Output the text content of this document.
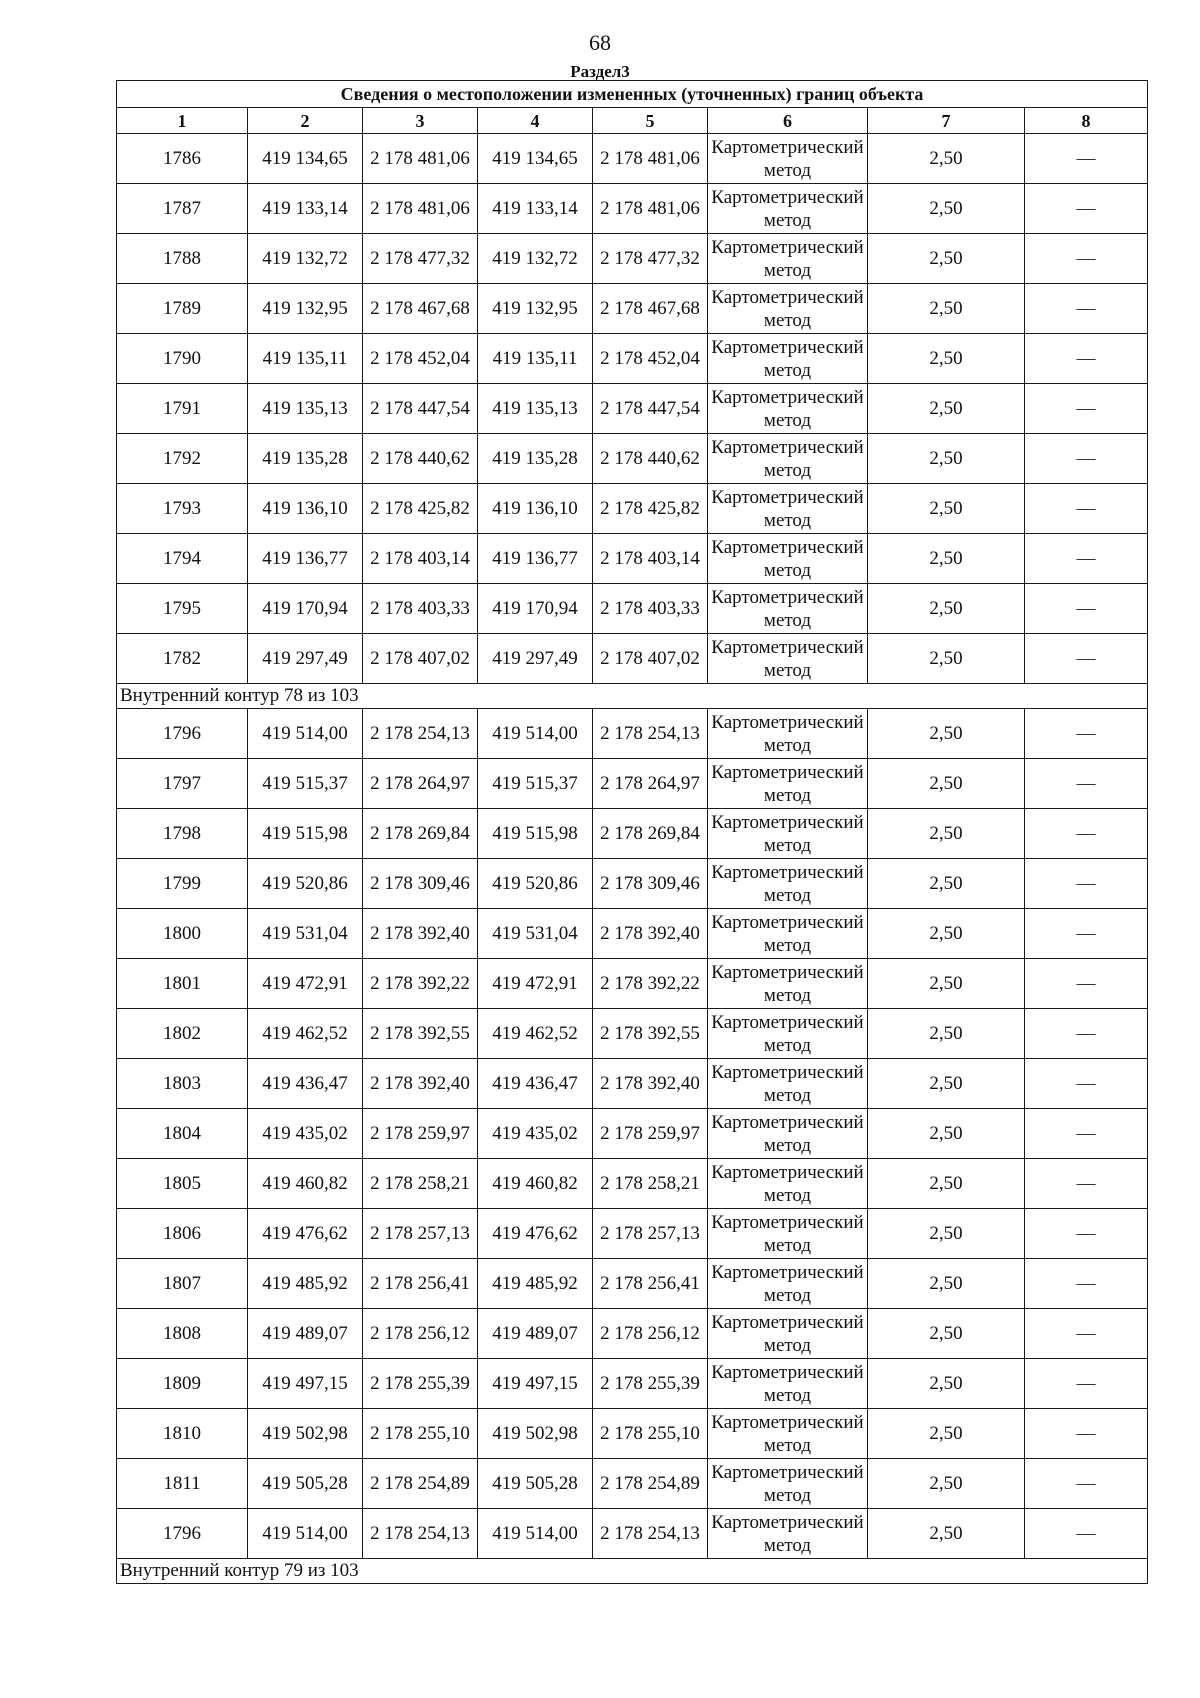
68
Раздел3
Сведения о местоположении измененных (уточненных) границ объекта							
1	2	3	4	5	6	7	8
1786	419 134,65	2 178 481,06	419 134,65	2 178 481,06	Картометрический метод	2,50	—
1787	419 133,14	2 178 481,06	419 133,14	2 178 481,06	Картометрический метод	2,50	—
1788	419 132,72	2 178 477,32	419 132,72	2 178 477,32	Картометрический метод	2,50	—
1789	419 132,95	2 178 467,68	419 132,95	2 178 467,68	Картометрический метод	2,50	—
1790	419 135,11	2 178 452,04	419 135,11	2 178 452,04	Картометрический метод	2,50	—
1791	419 135,13	2 178 447,54	419 135,13	2 178 447,54	Картометрический метод	2,50	—
1792	419 135,28	2 178 440,62	419 135,28	2 178 440,62	Картометрический метод	2,50	—
1793	419 136,10	2 178 425,82	419 136,10	2 178 425,82	Картометрический метод	2,50	—
1794	419 136,77	2 178 403,14	419 136,77	2 178 403,14	Картометрический метод	2,50	—
1795	419 170,94	2 178 403,33	419 170,94	2 178 403,33	Картометрический метод	2,50	—
1782	419 297,49	2 178 407,02	419 297,49	2 178 407,02	Картометрический метод	2,50	—
Внутренний контур 78 из 103							
1796	419 514,00	2 178 254,13	419 514,00	2 178 254,13	Картометрический метод	2,50	—
1797	419 515,37	2 178 264,97	419 515,37	2 178 264,97	Картометрический метод	2,50	—
1798	419 515,98	2 178 269,84	419 515,98	2 178 269,84	Картометрический метод	2,50	—
1799	419 520,86	2 178 309,46	419 520,86	2 178 309,46	Картометрический метод	2,50	—
1800	419 531,04	2 178 392,40	419 531,04	2 178 392,40	Картометрический метод	2,50	—
1801	419 472,91	2 178 392,22	419 472,91	2 178 392,22	Картометрический метод	2,50	—
1802	419 462,52	2 178 392,55	419 462,52	2 178 392,55	Картометрический метод	2,50	—
1803	419 436,47	2 178 392,40	419 436,47	2 178 392,40	Картометрический метод	2,50	—
1804	419 435,02	2 178 259,97	419 435,02	2 178 259,97	Картометрический метод	2,50	—
1805	419 460,82	2 178 258,21	419 460,82	2 178 258,21	Картометрический метод	2,50	—
1806	419 476,62	2 178 257,13	419 476,62	2 178 257,13	Картометрический метод	2,50	—
1807	419 485,92	2 178 256,41	419 485,92	2 178 256,41	Картометрический метод	2,50	—
1808	419 489,07	2 178 256,12	419 489,07	2 178 256,12	Картометрический метод	2,50	—
1809	419 497,15	2 178 255,39	419 497,15	2 178 255,39	Картометрический метод	2,50	—
1810	419 502,98	2 178 255,10	419 502,98	2 178 255,10	Картометрический метод	2,50	—
1811	419 505,28	2 178 254,89	419 505,28	2 178 254,89	Картометрический метод	2,50	—
1796	419 514,00	2 178 254,13	419 514,00	2 178 254,13	Картометрический метод	2,50	—
Внутренний контур 79 из 103							
